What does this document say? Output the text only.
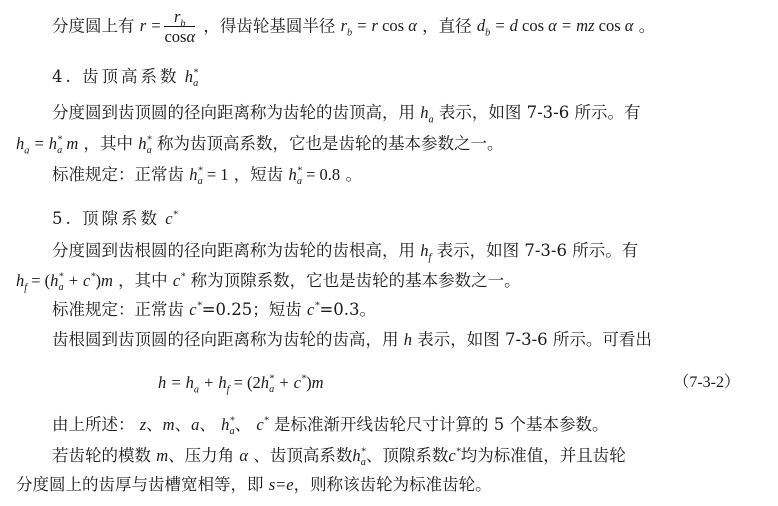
分度圆上有 $r = \frac{r_b}{\cos\alpha}$ ，得齿轮基圆半径 $r_b = r$ cos α ，直径 $d_b = d$ cos α = mz cos α 。
4. 齿顶高系数 $h^*_a$
分度圆到齿顶圆的径向距离称为齿轮的齿顶高，用 $h_a$ 表示，如图 7-3-6 所示。有
$h_a = h^*_a$ m ，其中 $h^*_a$ 称为齿顶高系数，它也是齿轮的基本参数之一。
标准规定：正常齿 $h^*_a = 1$ ，短齿 $h^*_a = 0.8$ 。
5. 顶隙系数 c*
分度圆到齿根圆的径向距离称为齿轮的齿根高，用 $h_f$ 表示，如图 7-3-6 所示。有
$h_f = (h^*_a + c^*)m$ ，其中 c* 称为顶隙系数，它也是齿轮的基本参数之一。
标准规定：正常齿 c*=0.25；短齿 c*=0.3。
齿根圆到齿顶圆的径向距离称为齿轮的齿高，用 h 表示，如图 7-3-6 所示。可看出
$h = h_a + h_f = (2h^*_a + c^*)m$	（7-3-2）
由上所述： z、m、a、 $h^*_a$、 c* 是标准渐开线齿轮尺寸计算的 5 个基本参数。
若齿轮的模数 m、压力角 α 、齿顶高系数$h^*_a$、顶隙系数c*均为标准值，并且齿轮
分度圆上的齿厚与齿槽宽相等，即 s=e，则称该齿轮为标准齿轮。
